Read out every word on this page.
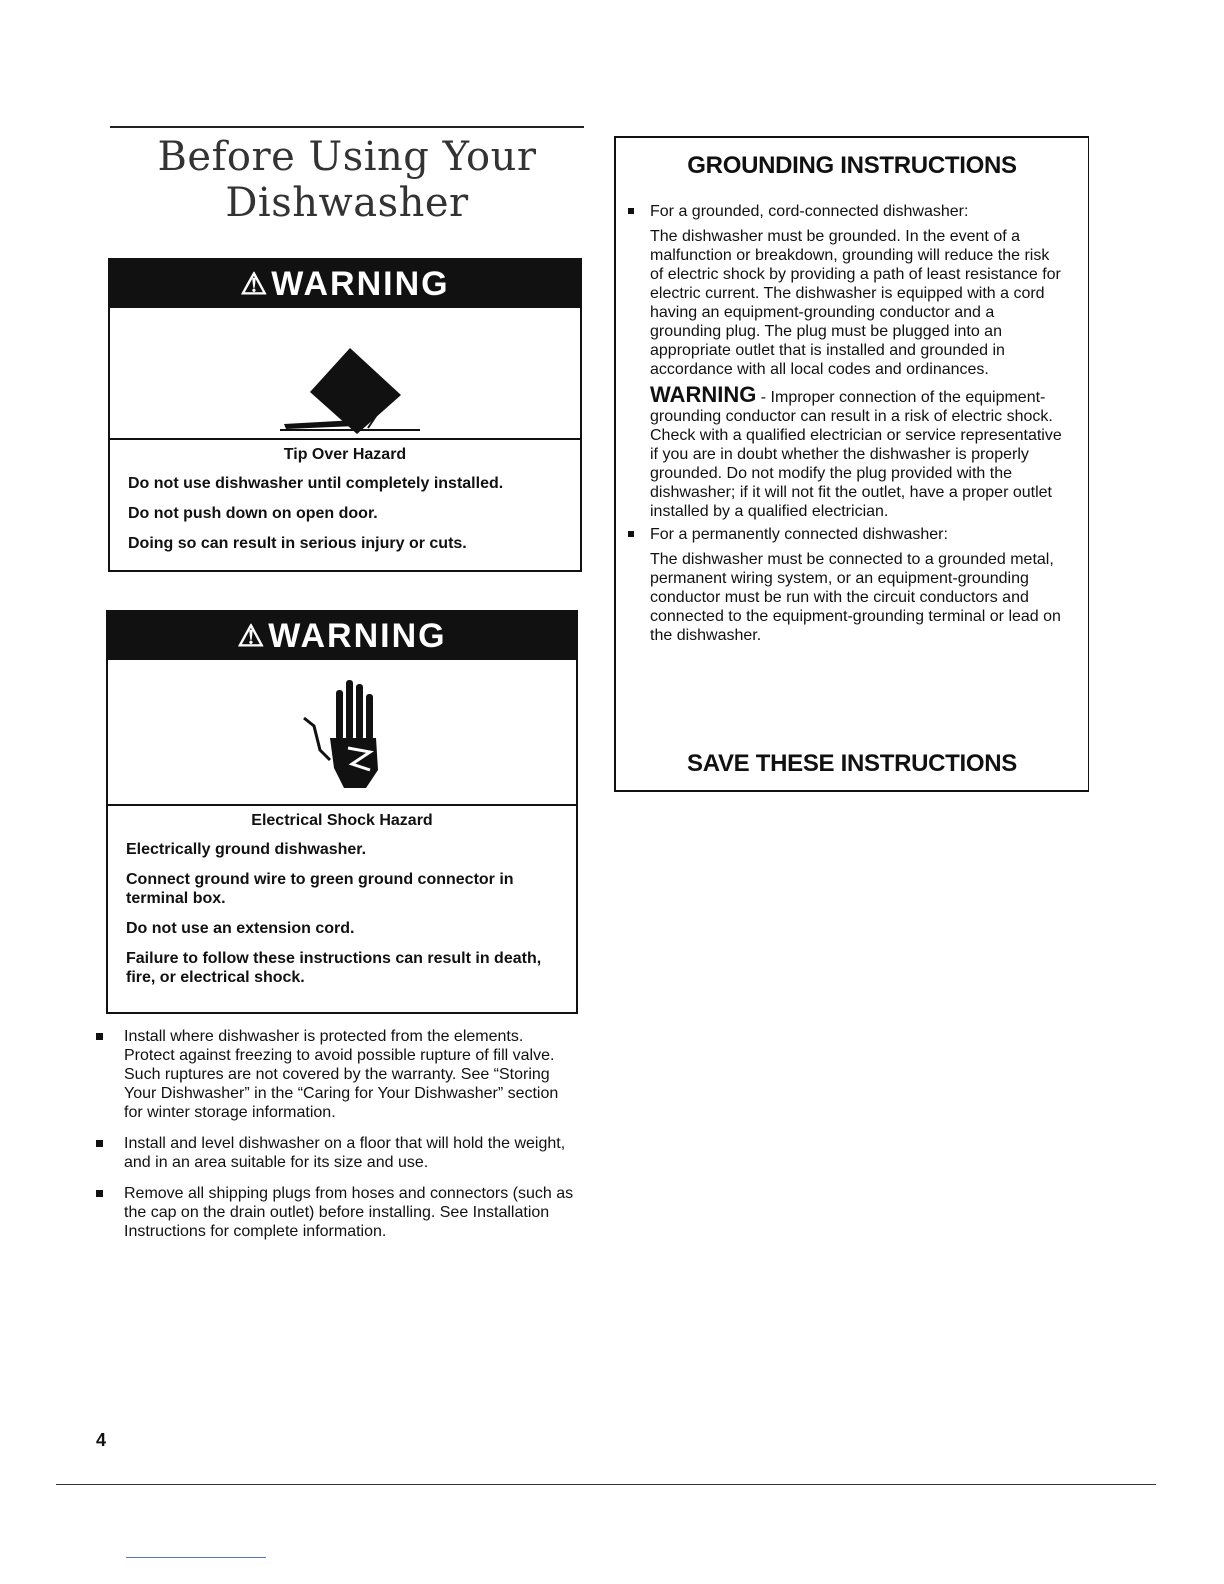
Before Using Your
Dishwasher
⚠ WARNING
Tip Over Hazard
Do not use dishwasher until completely installed.
Do not push down on open door.
Doing so can result in serious injury or cuts.
⚠ WARNING
Electrical Shock Hazard
Electrically ground dishwasher.
Connect ground wire to green ground connector in terminal box.
Do not use an extension cord.
Failure to follow these instructions can result in death, fire, or electrical shock.
Install where dishwasher is protected from the elements. Protect against freezing to avoid possible rupture of fill valve. Such ruptures are not covered by the warranty. See “Storing Your Dishwasher” in the “Caring for Your Dishwasher” section for winter storage information.
Install and level dishwasher on a floor that will hold the weight, and in an area suitable for its size and use.
Remove all shipping plugs from hoses and connectors (such as the cap on the drain outlet) before installing. See Installation Instructions for complete information.
GROUNDING INSTRUCTIONS
For a grounded, cord-connected dishwasher:
The dishwasher must be grounded. In the event of a malfunction or breakdown, grounding will reduce the risk of electric shock by providing a path of least resistance for electric current. The dishwasher is equipped with a cord having an equipment-grounding conductor and a grounding plug. The plug must be plugged into an appropriate outlet that is installed and grounded in accordance with all local codes and ordinances.
WARNING - Improper connection of the equipment-grounding conductor can result in a risk of electric shock. Check with a qualified electrician or service representative if you are in doubt whether the dishwasher is properly grounded. Do not modify the plug provided with the dishwasher; if it will not fit the outlet, have a proper outlet installed by a qualified electrician.
For a permanently connected dishwasher:
The dishwasher must be connected to a grounded metal, permanent wiring system, or an equipment-grounding conductor must be run with the circuit conductors and connected to the equipment-grounding terminal or lead on the dishwasher.
SAVE THESE INSTRUCTIONS
4
